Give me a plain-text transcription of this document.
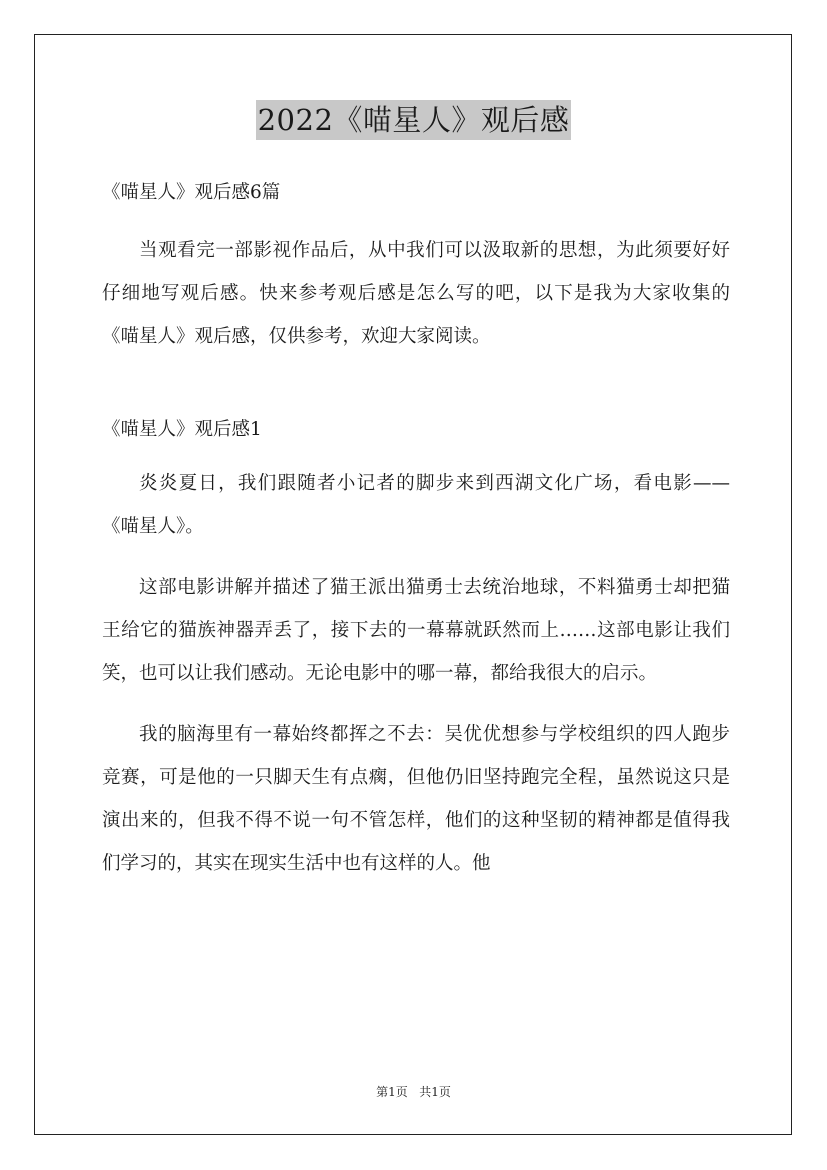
2022《喵星人》观后感

《喵星人》观后感6篇

当观看完一部影视作品后，从中我们可以汲取新的思想，为此须要好好仔细地写观后感。快来参考观后感是怎么写的吧，以下是我为大家收集的《喵星人》观后感，仅供参考，欢迎大家阅读。

《喵星人》观后感1

炎炎夏日，我们跟随者小记者的脚步来到西湖文化广场，看电影——《喵星人》。

这部电影讲解并描述了猫王派出猫勇士去统治地球，不料猫勇士却把猫王给它的猫族神器弄丢了，接下去的一幕幕就跃然而上……这部电影让我们笑，也可以让我们感动。无论电影中的哪一幕，都给我很大的启示。

我的脑海里有一幕始终都挥之不去：吴优优想参与学校组织的四人跑步竞赛，可是他的一只脚天生有点瘸，但他仍旧坚持跑完全程，虽然说这只是演出来的，但我不得不说一句不管怎样，他们的这种坚韧的精神都是值得我们学习的，其实在现实生活中也有这样的人。他

第1页 共1页
